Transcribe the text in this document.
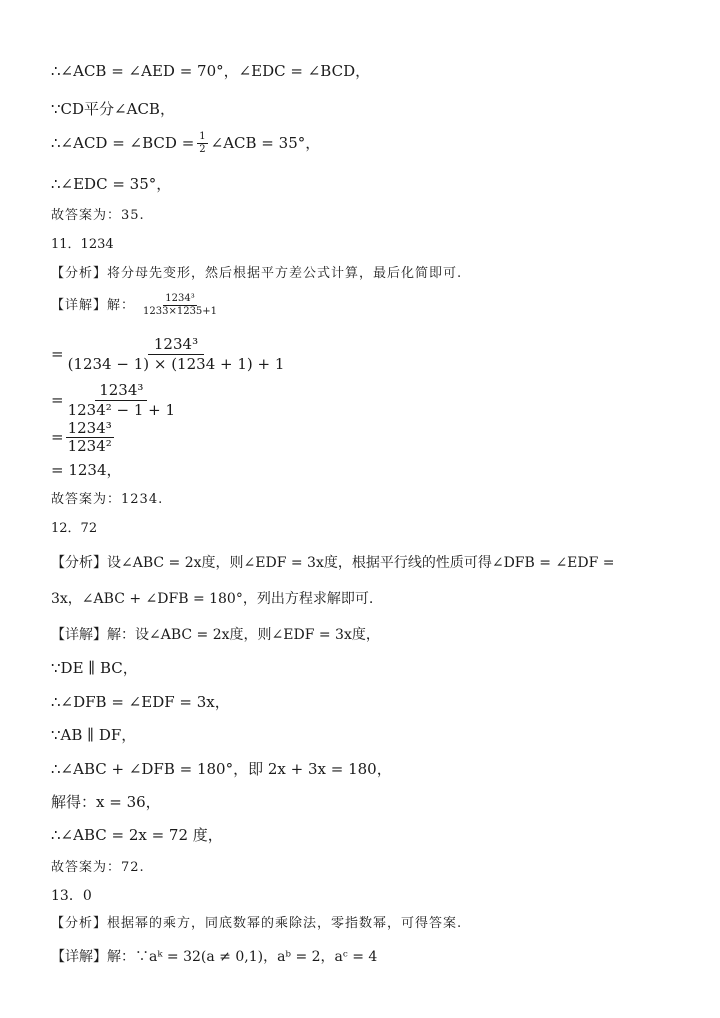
∴∠ACB = ∠AED = 70°，∠EDC = ∠BCD，
∵CD平分∠ACB，
∴∠ACD = ∠BCD = $\frac{1}{2}$ ∠ACB = 35°，
∴∠EDC = 35°，
故答案为：35.
11．1234
【分析】将分母先变形，然后根据平方差公式计算，最后化简即可.
【详解】解： $\frac{\text{1234³}}{1233\times 1235+1}$
= $\frac{\text{1234³}}{(1234 - 1) \times (1234 + 1) + 1}$
= $\frac{\text{1234³}}{\text{1234² − 1 + 1}}$
= $\frac{\text{1234³}}{\text{1234²}}$
= 1234，
故答案为：1234.
12．72
【分析】设∠ABC = 2x度，则∠EDF = 3x度，根据平行线的性质可得∠DFB = ∠EDF =
3x，∠ABC + ∠DFB = 180°，列出方程求解即可.
【详解】解：设∠ABC = 2x度，则∠EDF = 3x度，
∵DE ∥ BC，
∴∠DFB = ∠EDF = 3x，
∵AB ∥ DF，
∴∠ABC + ∠DFB = 180°，即 2x + 3x = 180，
解得：x = 36，
∴∠ABC = 2x = 72 度，
故答案为：72.
13．0
【分析】根据幂的乘方，同底数幂的乘除法，零指数幂，可得答案.
【详解】解：∵aᵏ = 32(a ≠ 0,1)，aᵇ = 2，aᶜ = 4
